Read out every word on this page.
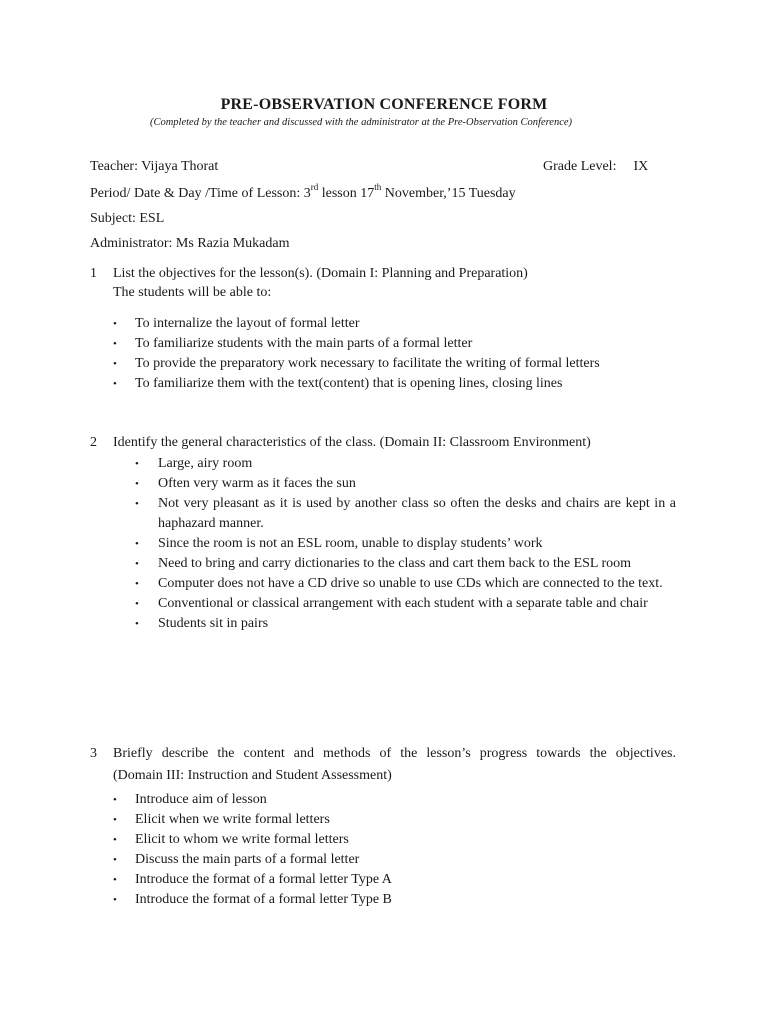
PRE-OBSERVATION CONFERENCE FORM
(Completed by the teacher and discussed with the administrator at the Pre-Observation Conference)
Teacher: Vijaya Thorat	Grade Level: IX
Period/ Date & Day /Time of Lesson: 3rd lesson 17th November,’15 Tuesday
Subject: ESL
Administrator: Ms Razia Mukadam
1 List the objectives for the lesson(s). (Domain I: Planning and Preparation)
The students will be able to:
•	To internalize the layout of formal letter
•	To familiarize students with the main parts of a formal letter
•	To provide the preparatory work necessary to facilitate the writing of formal letters
•	To familiarize them with the text(content) that is opening lines, closing lines
2 Identify the general characteristics of the class. (Domain II: Classroom Environment)
•	Large, airy room
•	Often very warm as it faces the sun
•	Not very pleasant as it is used by another class so often the desks and chairs are kept in a haphazard manner.
•	Since the room is not an ESL room, unable to display students’ work
•	Need to bring and carry dictionaries to the class and cart them back to the ESL room
•	Computer does not have a CD drive so unable to use CDs which are connected to the text.
•	Conventional or classical arrangement with each student with a separate table and chair
•	Students sit in pairs
3 Briefly describe the content and methods of the lesson’s progress towards the objectives.
(Domain III: Instruction and Student Assessment)
•	Introduce aim of lesson
•	Elicit when we write formal letters
•	Elicit to whom we write formal letters
•	Discuss the main parts of a formal letter
•	Introduce the format of a formal letter Type A
•	Introduce the format of a formal letter Type B
